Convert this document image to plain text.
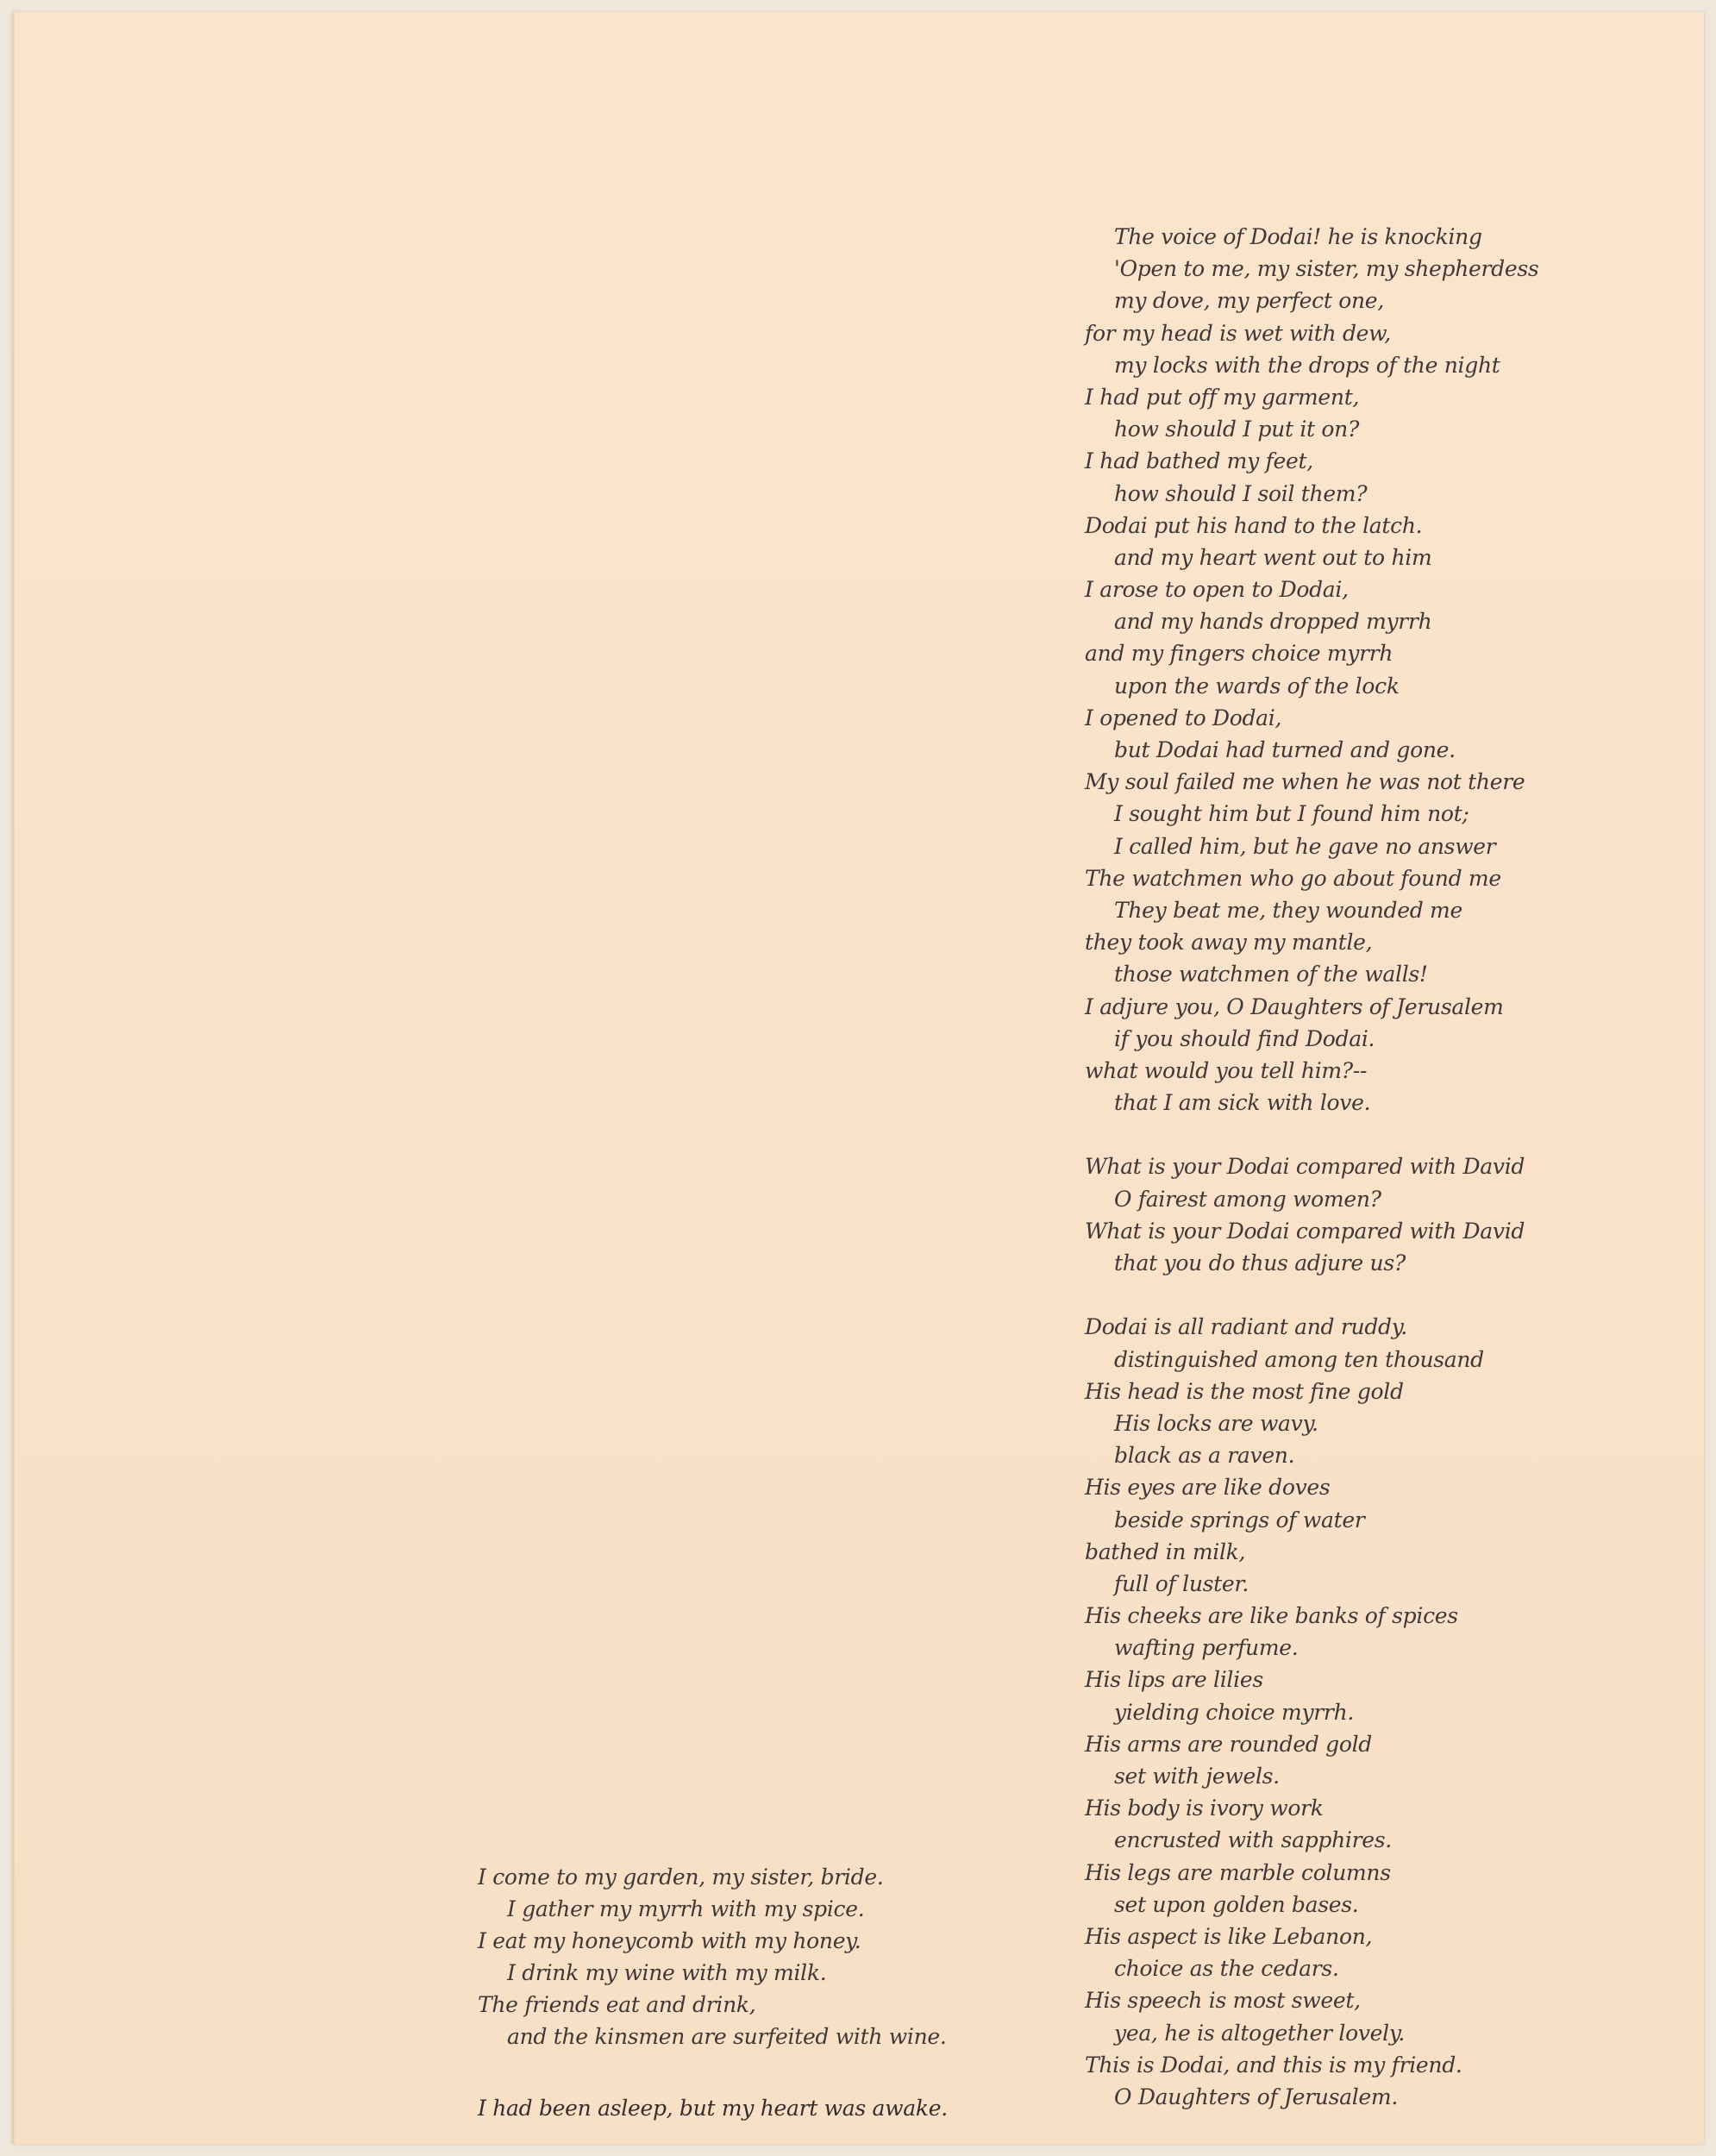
The voice of Dodai! he is knocking
'Open to me, my sister, my shepherdess
my dove, my perfect one,
for my head is wet with dew,
my locks with the drops of the night
I had put off my garment,
how should I put it on?
I had bathed my feet,
how should I soil them?
Dodai put his hand to the latch.
and my heart went out to him
I arose to open to Dodai,
and my hands dropped myrrh
and my fingers choice myrrh
upon the wards of the lock
I opened to Dodai,
but Dodai had turned and gone.
My soul failed me when he was not there
I sought him but I found him not;
I called him, but he gave no answer
The watchmen who go about found me
They beat me, they wounded me
they took away my mantle,
those watchmen of the walls!
I adjure you, O Daughters of Jerusalem
if you should find Dodai.
what would you tell him?--
that I am sick with love.
What is your Dodai compared with David
O fairest among women?
What is your Dodai compared with David
that you do thus adjure us?
Dodai is all radiant and ruddy.
distinguished among ten thousand
His head is the most fine gold
His locks are wavy.
black as a raven.
His eyes are like doves
beside springs of water
bathed in milk,
full of luster.
His cheeks are like banks of spices
wafting perfume.
His lips are lilies
yielding choice myrrh.
His arms are rounded gold
set with jewels.
His body is ivory work
encrusted with sapphires.
His legs are marble columns
set upon golden bases.
His aspect is like Lebanon,
choice as the cedars.
His speech is most sweet,
yea, he is altogether lovely.
This is Dodai, and this is my friend.
O Daughters of Jerusalem.
I come to my garden, my sister, bride.
I gather my myrrh with my spice.
I eat my honeycomb with my honey.
I drink my wine with my milk.
The friends eat and drink,
and the kinsmen are surfeited with wine.
I had been asleep, but my heart was awake.
